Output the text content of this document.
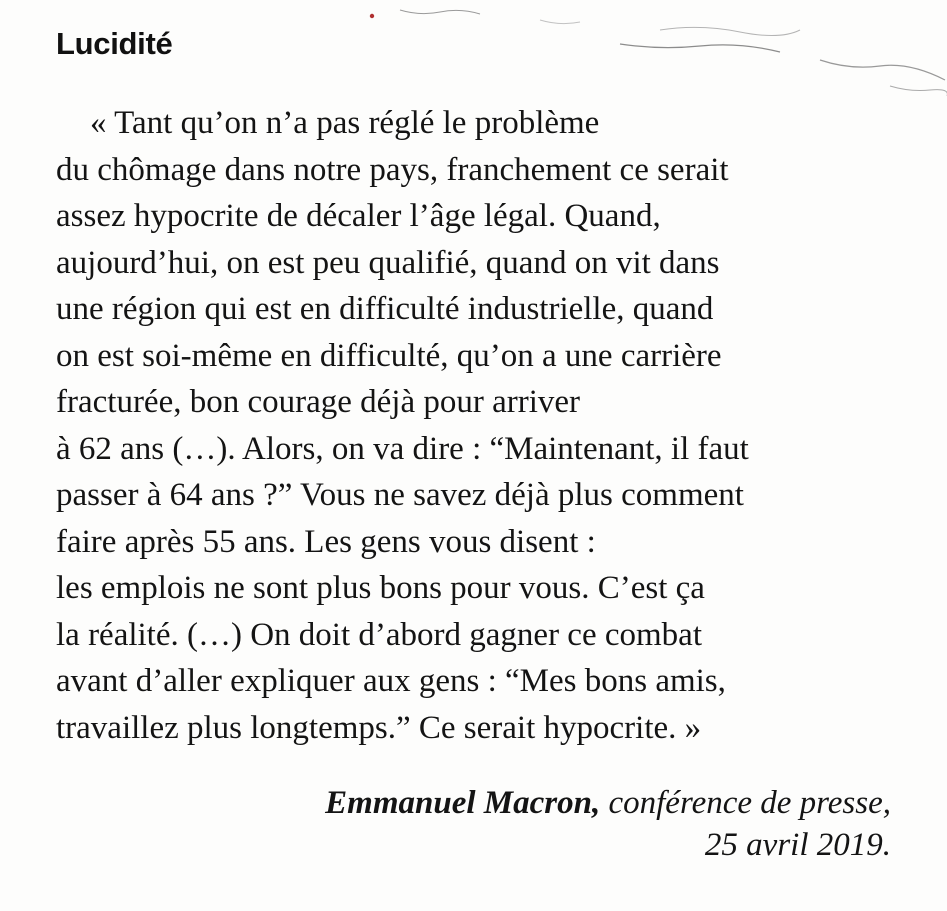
Lucidité
« Tant qu’on n’a pas réglé le problème
du chômage dans notre pays, franchement ce serait
assez hypocrite de décaler l’âge légal. Quand,
aujourd’hui, on est peu qualifié, quand on vit dans
une région qui est en difficulté industrielle, quand
on est soi-même en difficulté, qu’on a une carrière
fracturée, bon courage déjà pour arriver
à 62 ans (…). Alors, on va dire : “Maintenant, il faut
passer à 64 ans ?” Vous ne savez déjà plus comment
faire après 55 ans. Les gens vous disent :
les emplois ne sont plus bons pour vous. C’est ça
la réalité. (…) On doit d’abord gagner ce combat
avant d’aller expliquer aux gens : “Mes bons amis,
travaillez plus longtemps.” Ce serait hypocrite. »
Emmanuel Macron, conférence de presse,
25 avril 2019.
